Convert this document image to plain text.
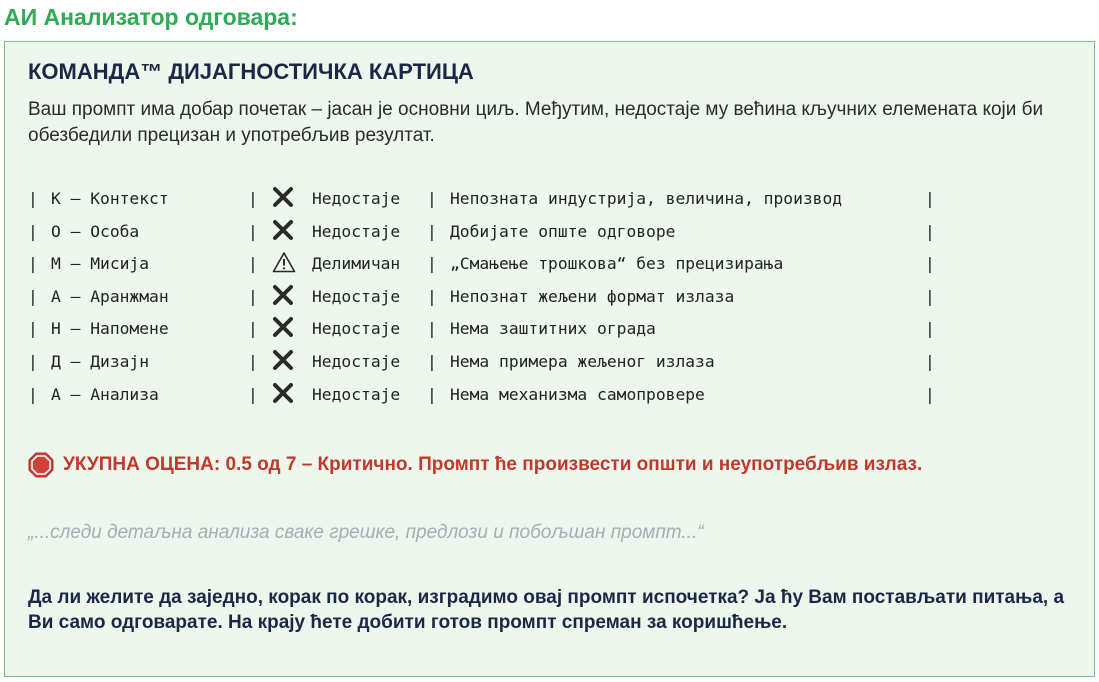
АИ Анализатор одговара:
КОМАНДА™ ДИЈАГНОСТИЧКА КАРТИЦА
Ваш промпт има добар почетак – јасан је основни циљ. Међутим, недостаје му већина кључних елемената који би обезбедили прецизан и употребљив резултат.
| К – Контекст	|	Недостаје | Непозната индустрија, величина, производ	|
| О – Особа	|	Недостаје | Добијате опште одговоре	|
| М – Мисија	|	Делимичан | „Смањење трошкова“ без прецизирања	|
| А – Аранжман	|	Недостаје | Непознат жељени формат излаза	|
| Н – Напомене	|	Недостаје | Нема заштитних ограда	|
| Д – Дизајн	|	Недостаје | Нема примера жељеног излаза	|
| А – Анализа	|	Недостаје | Нема механизма самопровере	|
УКУПНА ОЦЕНА:
0.5 од 7 – Критично. Промпт ће произвести општи и неупотребљив излаз.
„...следи детаљна анализа сваке грешке, предлози и побољшан промпт...“
Да ли желите да заједно, корак по корак, изградимо овај промпт испочетка? Ја ћу Вам постављати питања, а Ви само одговарате. На крају ћете добити готов промпт спреман за коришћење.
